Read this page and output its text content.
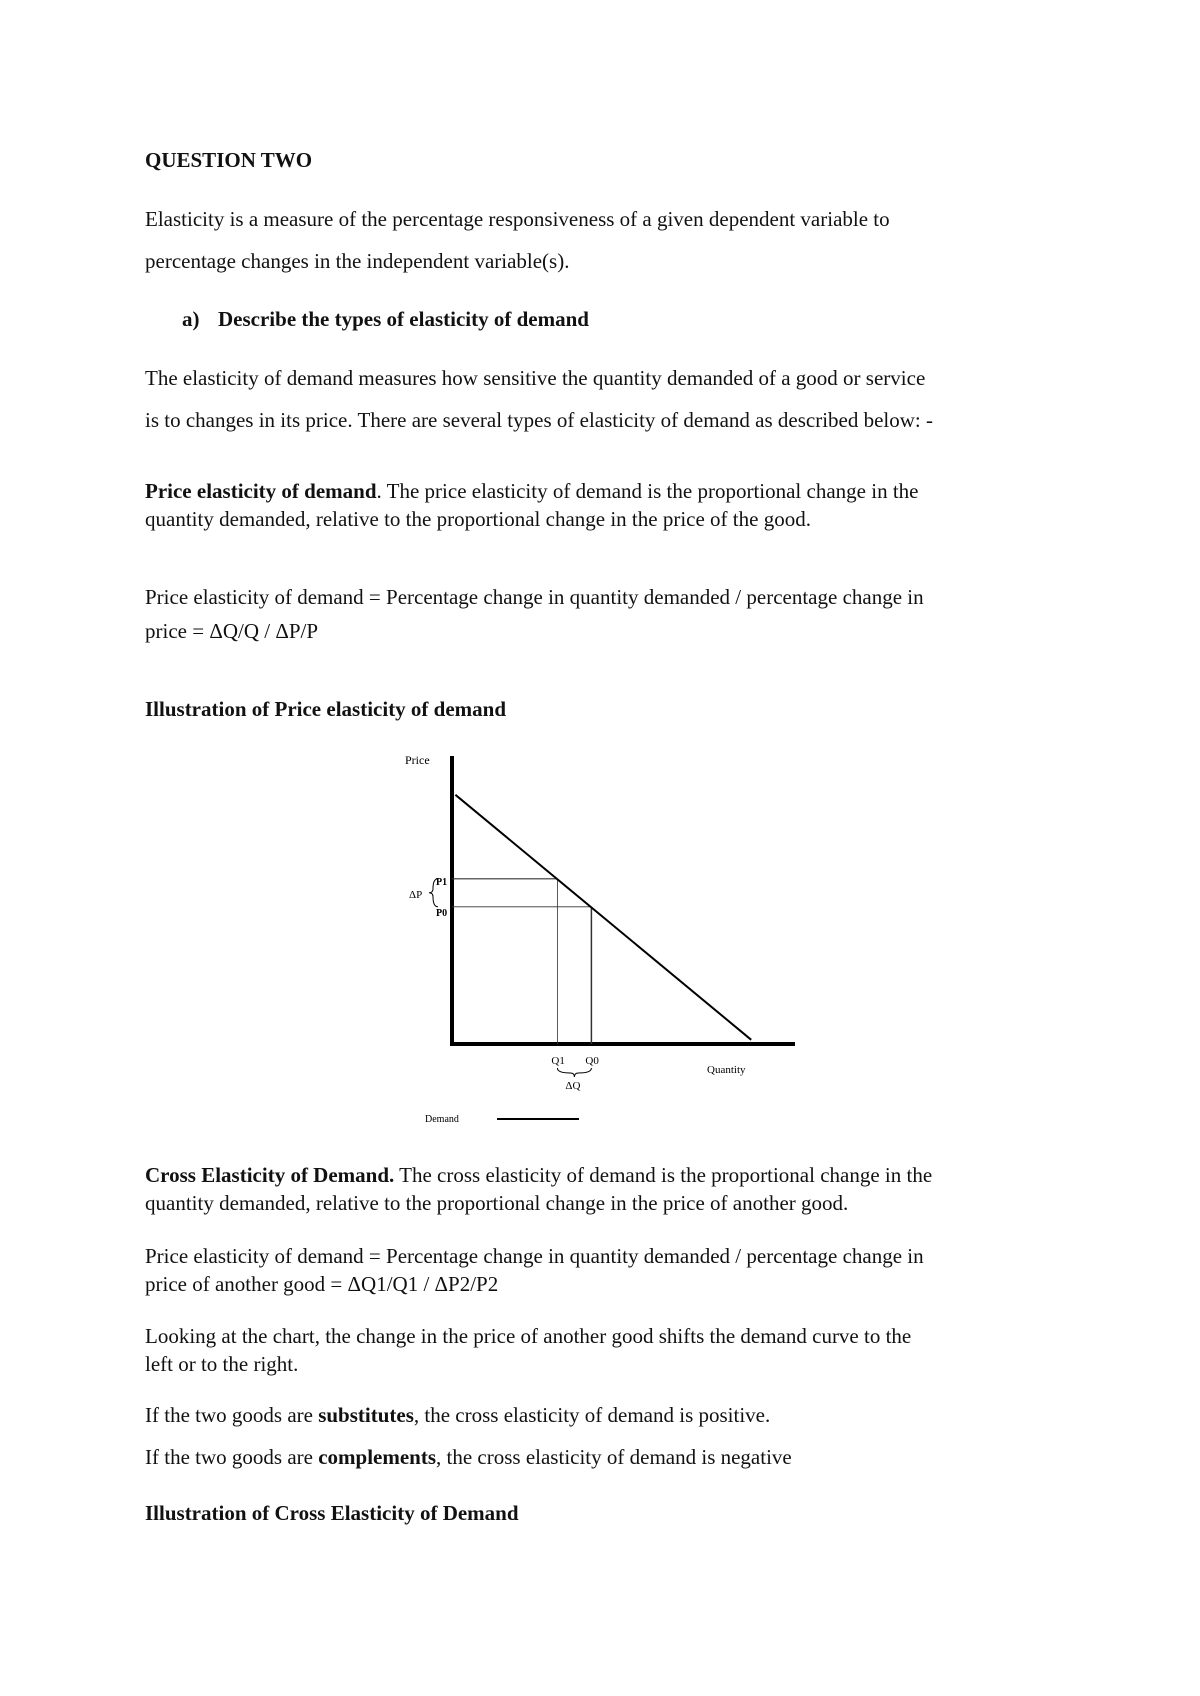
QUESTION TWO
Elasticity is a measure of the percentage responsiveness of a given dependent variable to
percentage changes in the independent variable(s).
a) Describe the types of elasticity of demand
The elasticity of demand measures how sensitive the quantity demanded of a good or service
is to changes in its price. There are several types of elasticity of demand as described below: -
Price elasticity of demand. The price elasticity of demand is the proportional change in the
quantity demanded, relative to the proportional change in the price of the good.
Price elasticity of demand = Percentage change in quantity demanded / percentage change in
price = ΔQ/Q / ΔP/P
Illustration of Price elasticity of demand
Price
Quantity
P1
Q1
P0
Q0
ΔP
ΔQ
Demand
Cross Elasticity of Demand. The cross elasticity of demand is the proportional change in the
quantity demanded, relative to the proportional change in the price of another good.
Price elasticity of demand = Percentage change in quantity demanded / percentage change in
price of another good = ΔQ1/Q1 / ΔP2/P2
Looking at the chart, the change in the price of another good shifts the demand curve to the
left or to the right.
If the two goods are substitutes, the cross elasticity of demand is positive.
If the two goods are complements, the cross elasticity of demand is negative
Illustration of Cross Elasticity of Demand
